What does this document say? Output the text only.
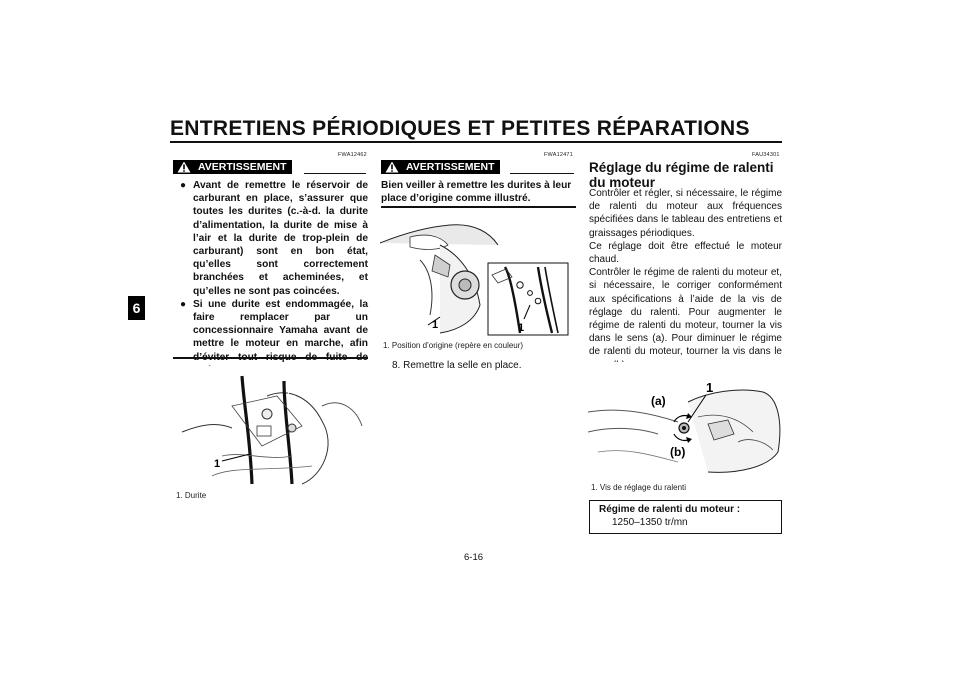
ENTRETIENS PÉRIODIQUES ET PETITES RÉPARATIONS
6
FWA12462
AVERTISSEMENT
● Avant de remettre le réservoir de carburant en place, s’assurer que toutes les durites (c.-à-d. la durite d’alimentation, la durite de mise à l’air et la durite de trop-plein de carburant) sont en bon état, qu’elles sont correctement branchées et acheminées, et qu’elles ne sont pas coincées.
● Si une durite est endommagée, la faire remplacer par un concessionnaire Yamaha avant de mettre le moteur en marche, afin
1
1. Durite
FWA12471
AVERTISSEMENT
Bien veiller à remettre les durites à leur place d’origine comme illustré.
1	1
1. Position d’origine (repère en couleur)
8. Remettre la selle en place.
FAU34301
Réglage du régime de ralenti du moteur
Contrôler et régler, si nécessaire, le régime de ralenti du moteur aux fréquences spécifiées dans le tableau des entretiens et graissages périodiques.
Ce réglage doit être effectué le moteur chaud.
Contrôler le régime de ralenti du moteur et, si nécessaire, le corriger conformément aux spécifications à l’aide de la vis de réglage du ralenti. Pour augmenter le régime de ralenti du moteur, tourner la vis dans le sens (a). Pour diminuer le régime de ralenti du moteur, tourner la vis dans le
1
(a)
(b)
1. Vis de réglage du ralenti
Régime de ralenti du moteur :
1250–1350 tr/mn
6-16
